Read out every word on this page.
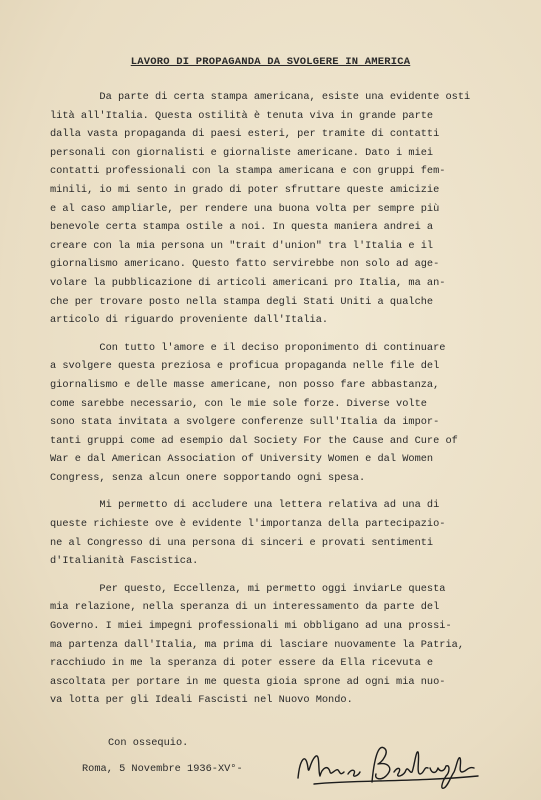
LAVORO DI PROPAGANDA DA SVOLGERE IN AMERICA
Da parte di certa stampa americana, esiste una evidente osti
lità all'Italia. Questa ostilità è tenuta viva in grande parte
dalla vasta propaganda di paesi esteri, per tramite di contatti
personali con giornalisti e giornaliste americane. Dato i miei
contatti professionali con la stampa americana e con gruppi fem-
minili, io mi sento in grado di poter sfruttare queste amicizie
e al caso ampliarle, per rendere una buona volta per sempre più
benevole certa stampa ostile a noi. In questa maniera andrei a
creare con la mia persona un "trait d'union" tra l'Italia e il
giornalismo americano. Questo fatto servirebbe non solo ad age-
volare la pubblicazione di articoli americani pro Italia, ma an-
che per trovare posto nella stampa degli Stati Uniti a qualche
articolo di riguardo proveniente dall'Italia.
Con tutto l'amore e il deciso proponimento di continuare
a svolgere questa preziosa e proficua propaganda nelle file del
giornalismo e delle masse americane, non posso fare abbastanza,
come sarebbe necessario, con le mie sole forze. Diverse volte
sono stata invitata a svolgere conferenze sull'Italia da impor-
tanti gruppi come ad esempio dal Society For the Cause and Cure of
War e dal American Association of University Women e dal Women
Congress, senza alcun onere sopportando ogni spesa.
Mi permetto di accludere una lettera relativa ad una di
queste richieste ove è evidente l'importanza della partecipazio-
ne al Congresso di una persona di sinceri e provati sentimenti
d'Italianità Fascistica.
Per questo, Eccellenza, mi permetto oggi inviarLe questa
mia relazione, nella speranza di un interessamento da parte del
Governo. I miei impegni professionali mi obbligano ad una prossi-
ma partenza dall'Italia, ma prima di lasciare nuovamente la Patria,
racchiudo in me la speranza di poter essere da Ella ricevuta e
ascoltata per portare in me questa gioia sprone ad ogni mia nuo-
va lotta per gli Ideali Fascisti nel Nuovo Mondo.
Con ossequio.
Roma, 5 Novembre 1936-XV°-
